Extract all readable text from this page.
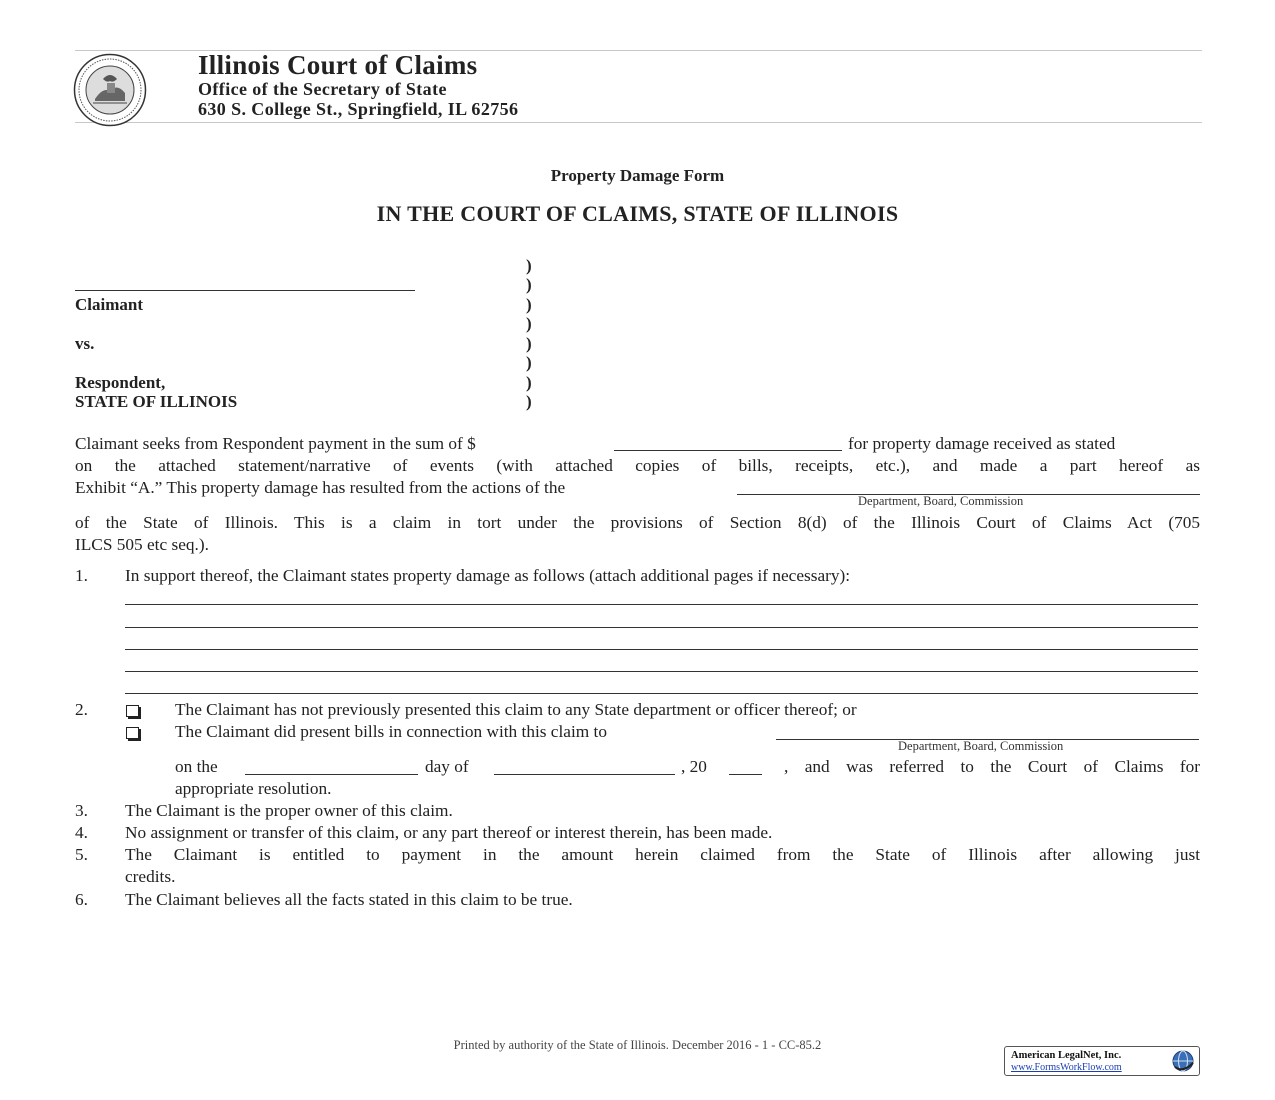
Illinois Court of Claims
Office of the Secretary of State
630 S. College St., Springfield, IL 62756
Property Damage Form
IN THE COURT OF CLAIMS, STATE OF ILLINOIS
Claimant
vs.
Respondent,
STATE OF ILLINOIS
)
)
)
)
)
)
)
)
Claimant seeks from Respondent payment in the sum of $	for property damage received as stated
on the attached statement/narrative of events (with attached copies of bills, receipts, etc.), and made a part hereof as
Exhibit “A.” This property damage has resulted from the actions of the
Department, Board, Commission
of the State of Illinois. This is a claim in tort under the provisions of Section 8(d) of the Illinois Court of Claims Act (705
ILCS 505 etc seq.).
1. In support thereof, the Claimant states property damage as follows (attach additional pages if necessary):
2.	The Claimant has not previously presented this claim to any State department or officer thereof; or
The Claimant did present bills in connection with this claim to
Department, Board, Commission
on the	day of	, 20	, and was referred to the Court of Claims for
appropriate resolution.
3. The Claimant is the proper owner of this claim.
4. No assignment or transfer of this claim, or any part thereof or interest therein, has been made.
5. The Claimant is entitled to payment in the amount herein claimed from the State of Illinois after allowing just
credits.
6. The Claimant believes all the facts stated in this claim to be true.
Printed by authority of the State of Illinois. December 2016 - 1 - CC-85.2
American LegalNet, Inc.
www.FormsWorkFlow.com
